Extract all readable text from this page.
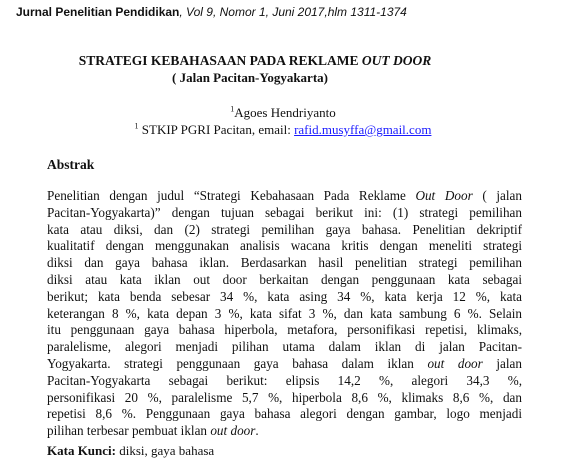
Jurnal Penelitian Pendidikan, Vol 9, Nomor 1, Juni 2017,hlm 1311-1374
STRATEGI KEBAHASAAN PADA REKLAME OUT DOOR
( Jalan Pacitan-Yogyakarta)
$^1$Agoes Hendriyanto
$^1$ STKIP PGRI Pacitan, email: rafid.musyffa@gmail.com
Abstrak
Penelitian dengan judul “Strategi Kebahasaan Pada Reklame Out Door ( jalan
Pacitan-Yogyakarta)” dengan tujuan sebagai berikut ini: (1) strategi pemilihan
kata atau diksi, dan (2) strategi pemilihan gaya bahasa. Penelitian dekriptif
kualitatif dengan menggunakan analisis wacana kritis dengan meneliti strategi
diksi dan gaya bahasa iklan. Berdasarkan hasil penelitian strategi pemilihan
diksi atau kata iklan out door berkaitan dengan penggunaan kata sebagai
berikut; kata benda sebesar 34 %, kata asing 34 %, kata kerja 12 %, kata
keterangan 8 %, kata depan 3 %, kata sifat 3 %, dan kata sambung 6 %. Selain
itu penggunaan gaya bahasa hiperbola, metafora, personifikasi repetisi, klimaks,
paralelisme, alegori menjadi pilihan utama dalam iklan di jalan Pacitan-
Yogyakarta. strategi penggunaan gaya bahasa dalam iklan out door jalan
Pacitan-Yogyakarta sebagai berikut: elipsis 14,2 %, alegori 34,3 %,
personifikasi 20 %, paralelisme 5,7 %, hiperbola 8,6 %, klimaks 8,6 %, dan
repetisi 8,6 %. Penggunaan gaya bahasa alegori dengan gambar, logo menjadi
pilihan terbesar pembuat iklan out door.
Kata Kunci: diksi, gaya bahasa
